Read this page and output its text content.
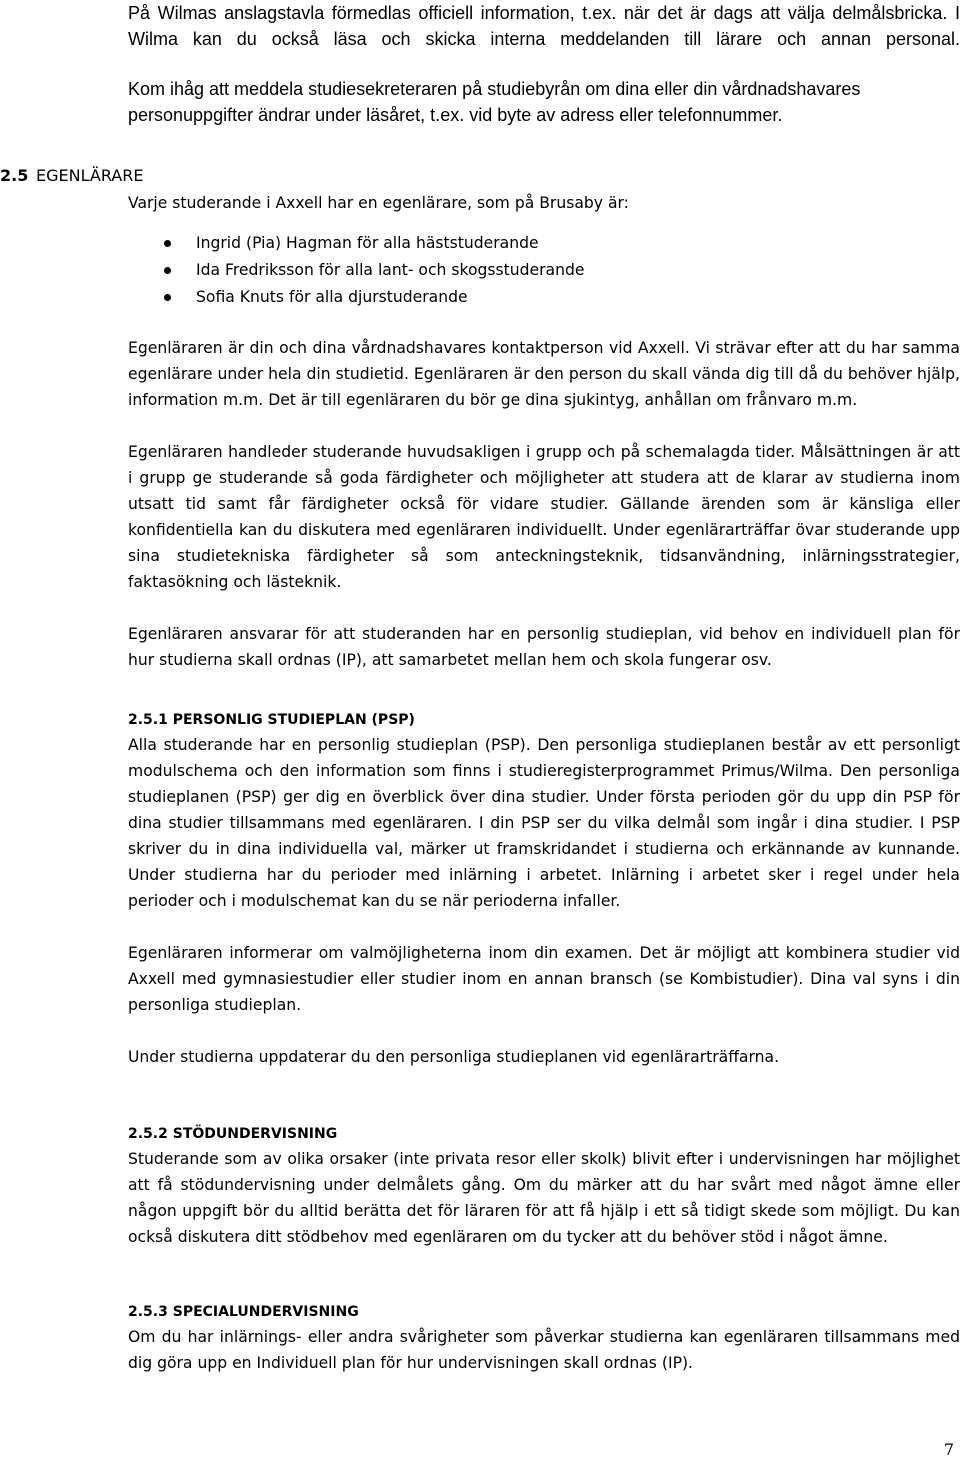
På Wilmas anslagstavla förmedlas officiell information, t.ex. när det är dags att välja delmålsbricka. I Wilma kan du också läsa och skicka interna meddelanden till lärare och annan personal.

Kom ihåg att meddela studiesekreteraren på studiebyrån om dina eller din vårdnadshavares personuppgifter ändrar under läsåret, t.ex. vid byte av adress eller telefonnummer.

2.5 EGENLÄRARE

Varje studerande i Axxell har en egenlärare, som på Brusaby är:

Ingrid (Pia) Hagman för alla häststuderande
Ida Fredriksson för alla lant- och skogsstuderande
Sofia Knuts för alla djurstuderande

Egenläraren är din och dina vårdnadshavares kontaktperson vid Axxell. Vi strävar efter att du har samma egenlärare under hela din studietid. Egenläraren är den person du skall vända dig till då du behöver hjälp, information m.m. Det är till egenläraren du bör ge dina sjukintyg, anhållan om frånvaro m.m.

Egenläraren handleder studerande huvudsakligen i grupp och på schemalagda tider. Målsättningen är att i grupp ge studerande så goda färdigheter och möjligheter att studera att de klarar av studierna inom utsatt tid samt får färdigheter också för vidare studier. Gällande ärenden som är känsliga eller konfidentiella kan du diskutera med egenläraren individuellt. Under egenlärarträffar övar studerande upp sina studietekniska färdigheter så som anteckningsteknik, tidsanvändning, inlärningsstrategier, faktasökning och lästeknik.

Egenläraren ansvarar för att studeranden har en personlig studieplan, vid behov en individuell plan för hur studierna skall ordnas (IP), att samarbetet mellan hem och skola fungerar osv.

2.5.1 PERSONLIG STUDIEPLAN (PSP)

Alla studerande har en personlig studieplan (PSP). Den personliga studieplanen består av ett personligt modulschema och den information som finns i studieregisterprogrammet Primus/Wilma. Den personliga studieplanen (PSP) ger dig en överblick över dina studier. Under första perioden gör du upp din PSP för dina studier tillsammans med egenläraren. I din PSP ser du vilka delmål som ingår i dina studier. I PSP skriver du in dina individuella val, märker ut framskridandet i studierna och erkännande av kunnande. Under studierna har du perioder med inlärning i arbetet. Inlärning i arbetet sker i regel under hela perioder och i modulschemat kan du se när perioderna infaller.

Egenläraren informerar om valmöjligheterna inom din examen. Det är möjligt att kombinera studier vid Axxell med gymnasiestudier eller studier inom en annan bransch (se Kombistudier). Dina val syns i din personliga studieplan.

Under studierna uppdaterar du den personliga studieplanen vid egenlärarträffarna.

2.5.2 STÖDUNDERVISNING

Studerande som av olika orsaker (inte privata resor eller skolk) blivit efter i undervisningen har möjlighet att få stödundervisning under delmålets gång. Om du märker att du har svårt med något ämne eller någon uppgift bör du alltid berätta det för läraren för att få hjälp i ett så tidigt skede som möjligt. Du kan också diskutera ditt stödbehov med egenläraren om du tycker att du behöver stöd i något ämne.

2.5.3 SPECIALUNDERVISNING

Om du har inlärnings- eller andra svårigheter som påverkar studierna kan egenläraren tillsammans med dig göra upp en Individuell plan för hur undervisningen skall ordnas (IP).

7
